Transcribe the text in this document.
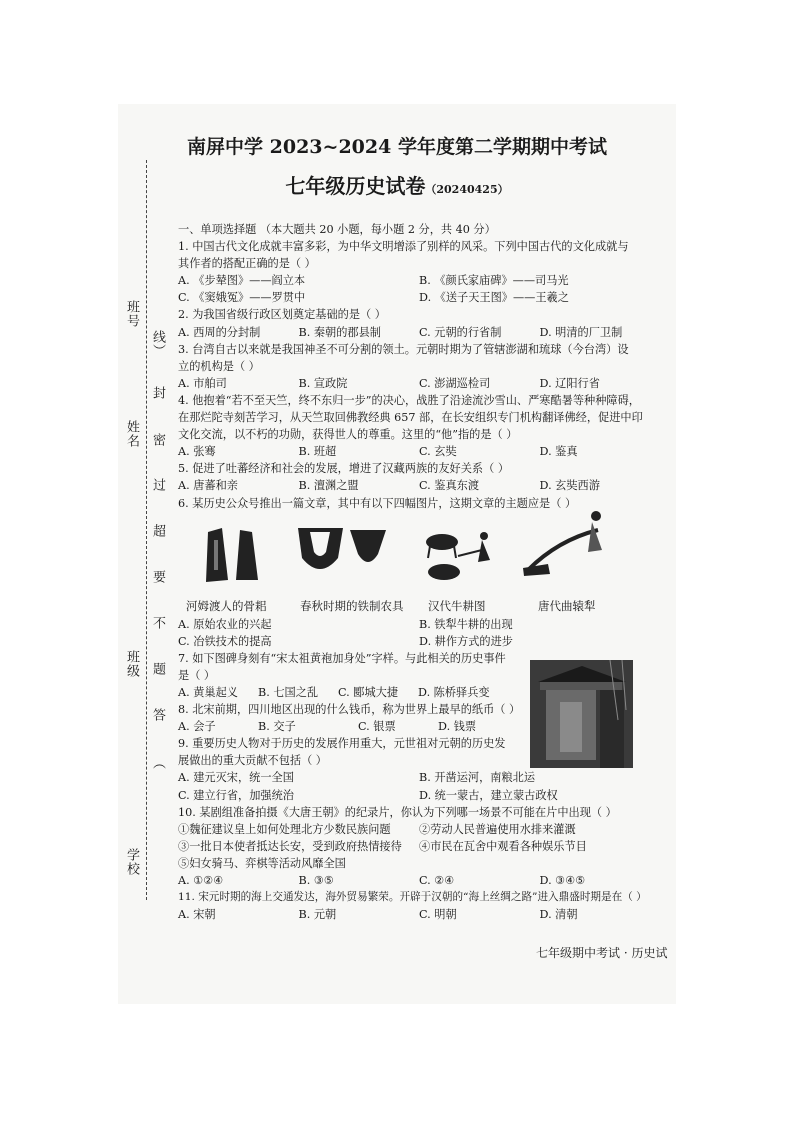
班号
姓名
班级
学校
线）
封
密
过
超
要
不
题
答
（
南屏中学 2023~2024 学年度第二学期期中考试
七年级历史试卷（20240425）
一、单项选择题 （本大题共 20 小题，每小题 2 分，共 40 分）
1. 中国古代文化成就丰富多彩，为中华文明增添了别样的风采。下列中国古代的文化成就与
其作者的搭配正确的是（ ）
A. 《步辇图》——阎立本	B. 《颜氏家庙碑》——司马光
C. 《窦娥冤》——罗贯中	D. 《送子天王图》——王羲之
2. 为我国省级行政区划奠定基础的是（ ）
A. 西周的分封制	B. 秦朝的郡县制	C. 元朝的行省制	D. 明清的厂卫制
3. 台湾自古以来就是我国神圣不可分割的领土。元朝时期为了管辖澎湖和琉球（今台湾）设
立的机构是（ ）
A. 市舶司	B. 宣政院	C. 澎湖巡检司	D. 辽阳行省
4. 他抱着“若不至天竺，终不东归一步”的决心，战胜了沿途流沙雪山、严寒酷暑等种种障碍，
在那烂陀寺刻苦学习，从天竺取回佛教经典 657 部，在长安组织专门机构翻译佛经，促进中印
文化交流，以不朽的功勋，获得世人的尊重。这里的“他”指的是（ ）
A. 张骞	B. 班超	C. 玄奘	D. 鉴真
5. 促进了吐蕃经济和社会的发展，增进了汉藏两族的友好关系（ ）
A. 唐蕃和亲	B. 澶渊之盟	C. 鉴真东渡	D. 玄奘西游
6. 某历史公众号推出一篇文章，其中有以下四幅图片，这期文章的主题应是（ ）
A. 原始农业的兴起	B. 铁犁牛耕的出现
C. 冶铁技术的提高	D. 耕作方式的进步
7. 如下图碑身刻有“宋太祖黄袍加身处”字样。与此相关的历史事件
是（ ）
A. 黄巢起义	B. 七国之乱	C. 郾城大捷	D. 陈桥驿兵变
8. 北宋前期，四川地区出现的什么钱币，称为世界上最早的纸币（ ）
A. 会子	B. 交子	C. 银票	D. 钱票
9. 重要历史人物对于历史的发展作用重大，元世祖对元朝的历史发
展做出的重大贡献不包括（ ）
A. 建元灭宋，统一全国	B. 开凿运河，南粮北运
C. 建立行省，加强统治	D. 统一蒙古，建立蒙古政权
10. 某剧组准备拍摄《大唐王朝》的纪录片，你认为下列哪一场景不可能在片中出现（ ）
①魏征建议皇上如何处理北方少数民族问题	②劳动人民普遍使用水排来灌溉
③一批日本使者抵达长安，受到政府热情接待	④市民在瓦舍中观看各种娱乐节目
⑤妇女骑马、弈棋等活动风靡全国
A. ①②④	B. ③⑤	C. ②④	D. ③④⑤
11. 宋元时期的海上交通发达，海外贸易繁荣。开辟于汉朝的“海上丝绸之路”进入鼎盛时期是在（ ）
A. 宋朝	B. 元朝	C. 明朝	D. 清朝
河姆渡人的骨耜	春秋时期的铁制农具 汉代牛耕图	唐代曲辕犁
七年级期中考试 · 历史试
